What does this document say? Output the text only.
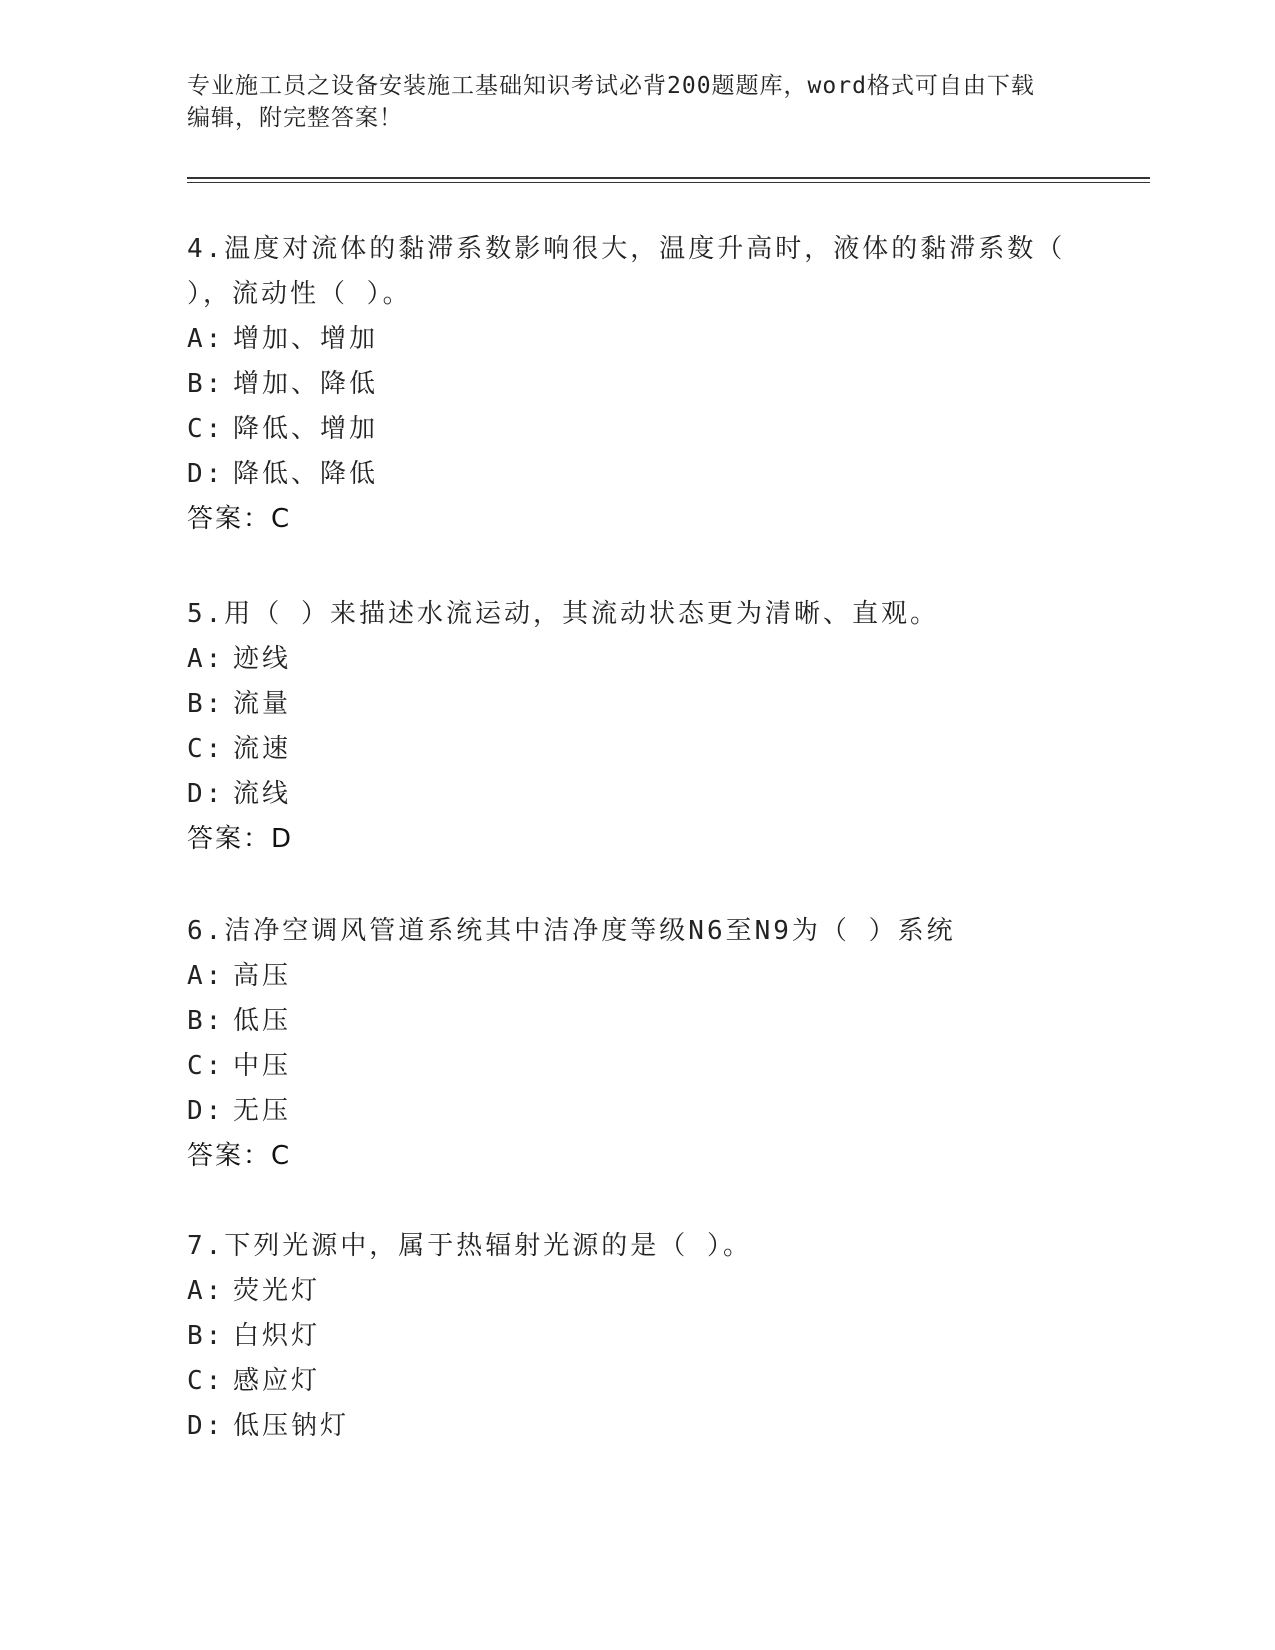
专业施工员之设备安装施工基础知识考试必背200题题库，word格式可自由下载
编辑，附完整答案！
4.温度对流体的黏滞系数影响很大，温度升高时，液体的黏滞系数（
），流动性（ ）。
A: 增加、增加
B: 增加、降低
C: 降低、增加
D: 降低、降低
答案：C
5.用（ ）来描述水流运动，其流动状态更为清晰、直观。
A: 迹线
B: 流量
C: 流速
D: 流线
答案：D
6.洁净空调风管道系统其中洁净度等级N6至N9为（ ）系统
A: 高压
B: 低压
C: 中压
D: 无压
答案：C
7.下列光源中，属于热辐射光源的是（ ）。
A: 荧光灯
B: 白炽灯
C: 感应灯
D: 低压钠灯
